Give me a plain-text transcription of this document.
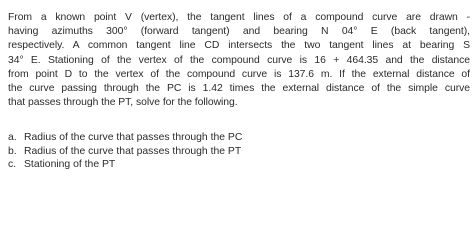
From a known point V (vertex), the tangent lines of a compound curve are drawn -
having azimuths 300° (forward tangent) and bearing N 04° E (back tangent),
respectively. A common tangent line CD intersects the two tangent lines at bearing S
34° E. Stationing of the vertex of the compound curve is 16 + 464.35 and the distance
from point D to the vertex of the compound curve is 137.6 m. If the external distance of
the curve passing through the PC is 1.42 times the external distance of the simple curve
that passes through the PT, solve for the following.
a. Radius of the curve that passes through the PC
b. Radius of the curve that passes through the PT
c. Stationing of the PT
